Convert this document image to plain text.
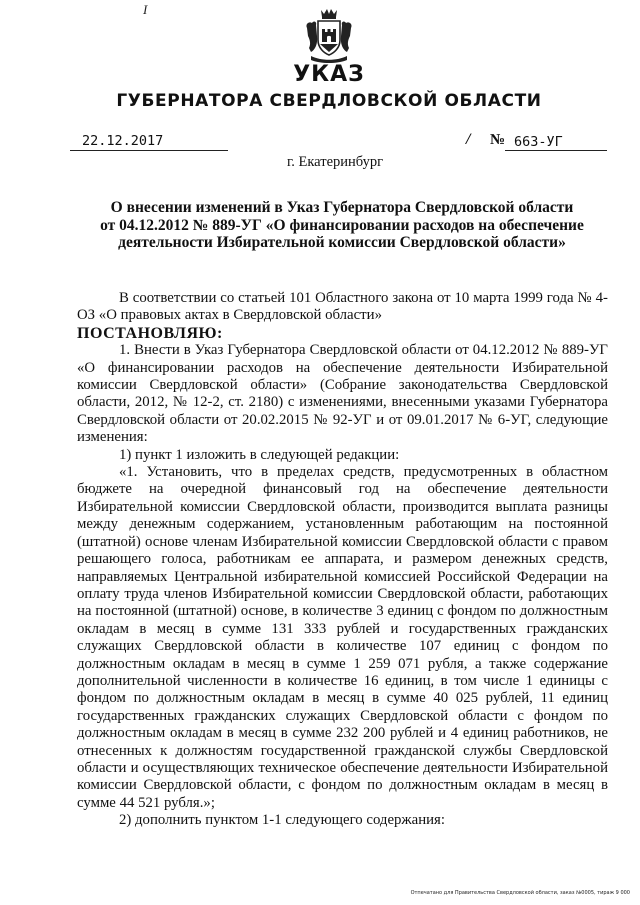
I
УКАЗ
ГУБЕРНАТОРА СВЕРДЛОВСКОЙ ОБЛАСТИ
22.12.2017	/ № 663-УГ
г. Екатеринбург
О внесении изменений в Указ Губернатора Свердловской области
от 04.12.2012 № 889-УГ «О финансировании расходов на обеспечение
деятельности Избирательной комиссии Свердловской области»

В соответствии со статьей 101 Областного закона от 10 марта 1999 года № 4-ОЗ «О правовых актах в Свердловской области»

ПОСТАНОВЛЯЮ:

1. Внести в Указ Губернатора Свердловской области от 04.12.2012 № 889-УГ «О финансировании расходов на обеспечение деятельности Избирательной комиссии Свердловской области» (Собрание законодательства Свердловской области, 2012, № 12-2, ст. 2180) с изменениями, внесенными указами Губернатора Свердловской области от 20.02.2015 № 92-УГ и от 09.01.2017 № 6-УГ, следующие изменения:

1) пункт 1 изложить в следующей редакции:

«1. Установить, что в пределах средств, предусмотренных в областном бюджете на очередной финансовый год на обеспечение деятельности Избирательной комиссии Свердловской области, производится выплата разницы между денежным содержанием, установленным работающим на постоянной (штатной) основе членам Избирательной комиссии Свердловской области с правом решающего голоса, работникам ее аппарата, и размером денежных средств, направляемых Центральной избирательной комиссией Российской Федерации на оплату труда членов Избирательной комиссии Свердловской области, работающих на постоянной (штатной) основе, в количестве 3 единиц с фондом по должностным окладам в месяц в сумме 131 333 рублей и государственных гражданских служащих Свердловской области в количестве 107 единиц с фондом по должностным окладам в месяц в сумме 1 259 071 рубля, а также содержание дополнительной численности в количестве 16 единиц, в том числе 1 единицы с фондом по должностным окладам в месяц в сумме 40 025 рублей, 11 единиц государственных гражданских служащих Свердловской области с фондом по должностным окладам в месяц в сумме 232 200 рублей и 4 единиц работников, не отнесенных к должностям государственной гражданской службы Свердловской области и осуществляющих техническое обеспечение деятельности Избирательной комиссии Свердловской области, с фондом по должностным окладам в месяц в сумме 44 521 рубля.»;

2) дополнить пунктом 1-1 следующего содержания:

Отпечатано для Правительства Свердловской области, заказ №0005, тираж 9 000
